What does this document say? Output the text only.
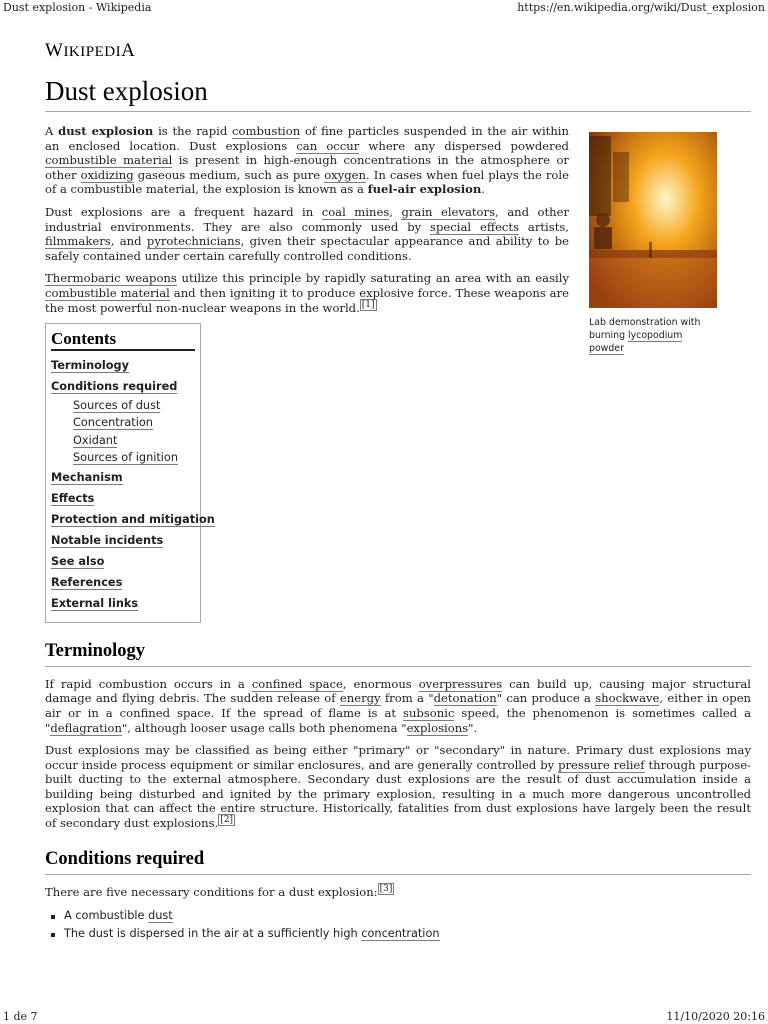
Dust explosion - Wikipedia	https://en.wikipedia.org/wiki/Dust_explosion
WIKIPEDIA
Dust explosion

A dust explosion is the rapid combustion of fine particles suspended in the air within an enclosed location. Dust explosions can occur where any dispersed powdered combustible material is present in high-enough concentrations in the atmosphere or other oxidizing gaseous medium, such as pure oxygen. In cases when fuel plays the role of a combustible material, the explosion is known as a fuel-air explosion.

Dust explosions are a frequent hazard in coal mines, grain elevators, and other industrial environments. They are also commonly used by special effects artists, filmmakers, and pyrotechnicians, given their spectacular appearance and ability to be safely contained under certain carefully controlled conditions.

Thermobaric weapons utilize this principle by rapidly saturating an area with an easily combustible material and then igniting it to produce explosive force. These weapons are the most powerful non-nuclear weapons in the world. [1]

Lab demonstration with burning lycopodium powder
Contents
Terminology
Conditions required
Sources of dust
Concentration
Oxidant
Sources of ignition
Mechanism
Effects
Protection and mitigation
Notable incidents
See also
References
External links
Terminology

If rapid combustion occurs in a confined space, enormous overpressures can build up, causing major structural damage and flying debris. The sudden release of energy from a "detonation" can produce a shockwave, either in open air or in a confined space. If the spread of flame is at subsonic speed, the phenomenon is sometimes called a "deflagration", although looser usage calls both phenomena "explosions".

Dust explosions may be classified as being either "primary" or "secondary" in nature. Primary dust explosions may occur inside process equipment or similar enclosures, and are generally controlled by pressure relief through purpose-built ducting to the external atmosphere. Secondary dust explosions are the result of dust accumulation inside a building being disturbed and ignited by the primary explosion, resulting in a much more dangerous uncontrolled explosion that can affect the entire structure. Historically, fatalities from dust explosions have largely been the result of secondary dust explosions. [2]

Conditions required

There are five necessary conditions for a dust explosion: [3]

A combustible dust
The dust is dispersed in the air at a sufficiently high concentration
1 de 7	11/10/2020 20:16
